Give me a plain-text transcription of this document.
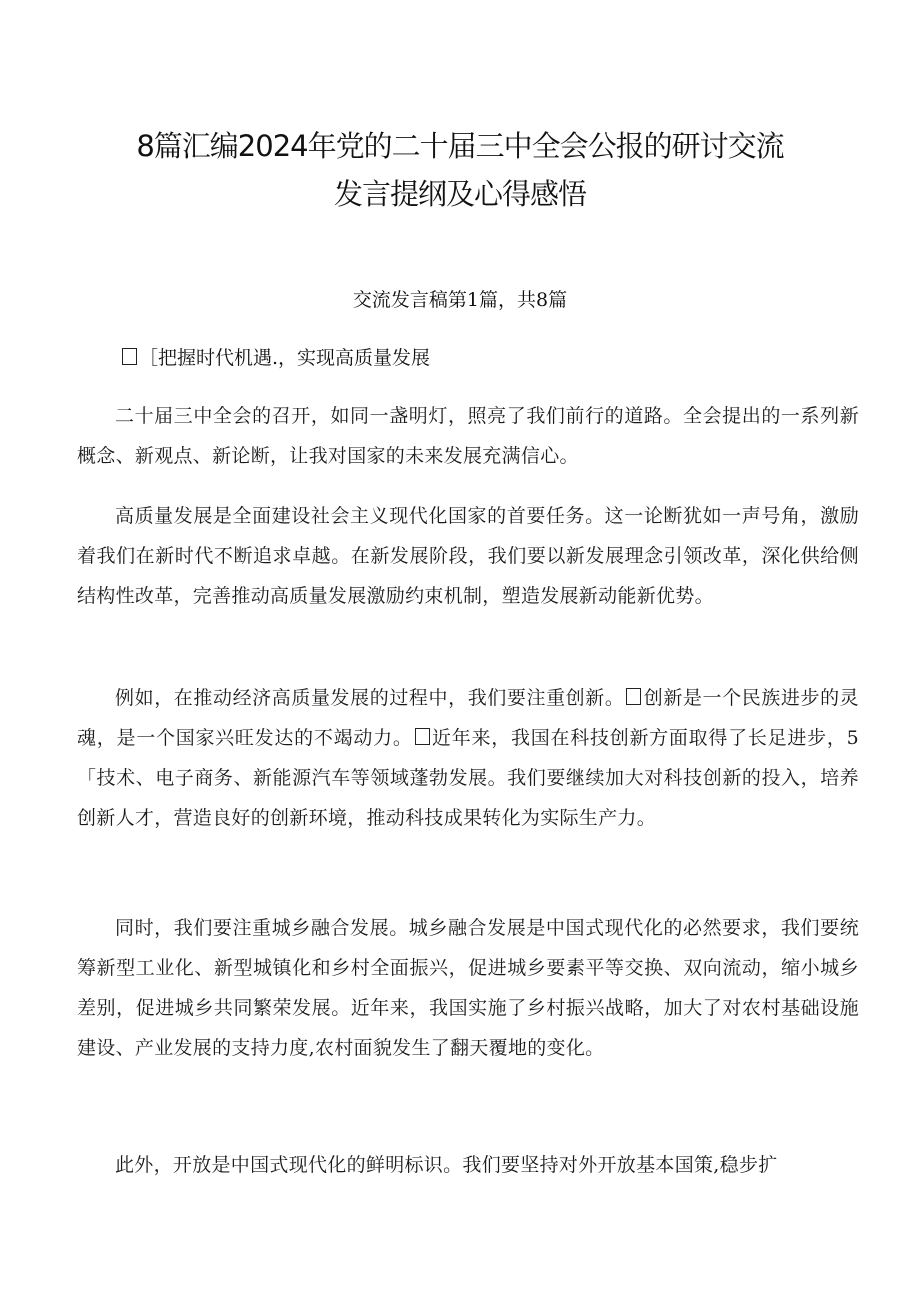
8篇汇编2024年党的二十届三中全会公报的研讨交流
发言提纲及心得感悟
交流发言稿第1篇，共8篇
［把握时代机遇.，实现高质量发展

二十届三中全会的召开，如同一盏明灯，照亮了我们前行的道路。全会提出的一系列新概念、新观点、新论断，让我对国家的未来发展充满信心。

高质量发展是全面建设社会主义现代化国家的首要任务。这一论断犹如一声号角，激励着我们在新时代不断追求卓越。在新发展阶段，我们要以新发展理念引领改革，深化供给侧结构性改革，完善推动高质量发展激励约束机制，塑造发展新动能新优势。

例如，在推动经济高质量发展的过程中，我们要注重创新。 创新是一个民族进步的灵魂，是一个国家兴旺发达的不竭动力。 近年来，我国在科技创新方面取得了长足进步，5「技术、电子商务、新能源汽车等领域蓬勃发展。我们要继续加大对科技创新的投入，培养创新人才，营造良好的创新环境，推动科技成果转化为实际生产力。

同时，我们要注重城乡融合发展。城乡融合发展是中国式现代化的必然要求，我们要统筹新型工业化、新型城镇化和乡村全面振兴，促进城乡要素平等交换、双向流动，缩小城乡差别，促进城乡共同繁荣发展。近年来，我国实施了乡村振兴战略，加大了对农村基础设施建设、产业发展的支持力度,农村面貌发生了翻天覆地的变化。

此外，开放是中国式现代化的鲜明标识。我们要坚持对外开放基本国策,稳步扩
